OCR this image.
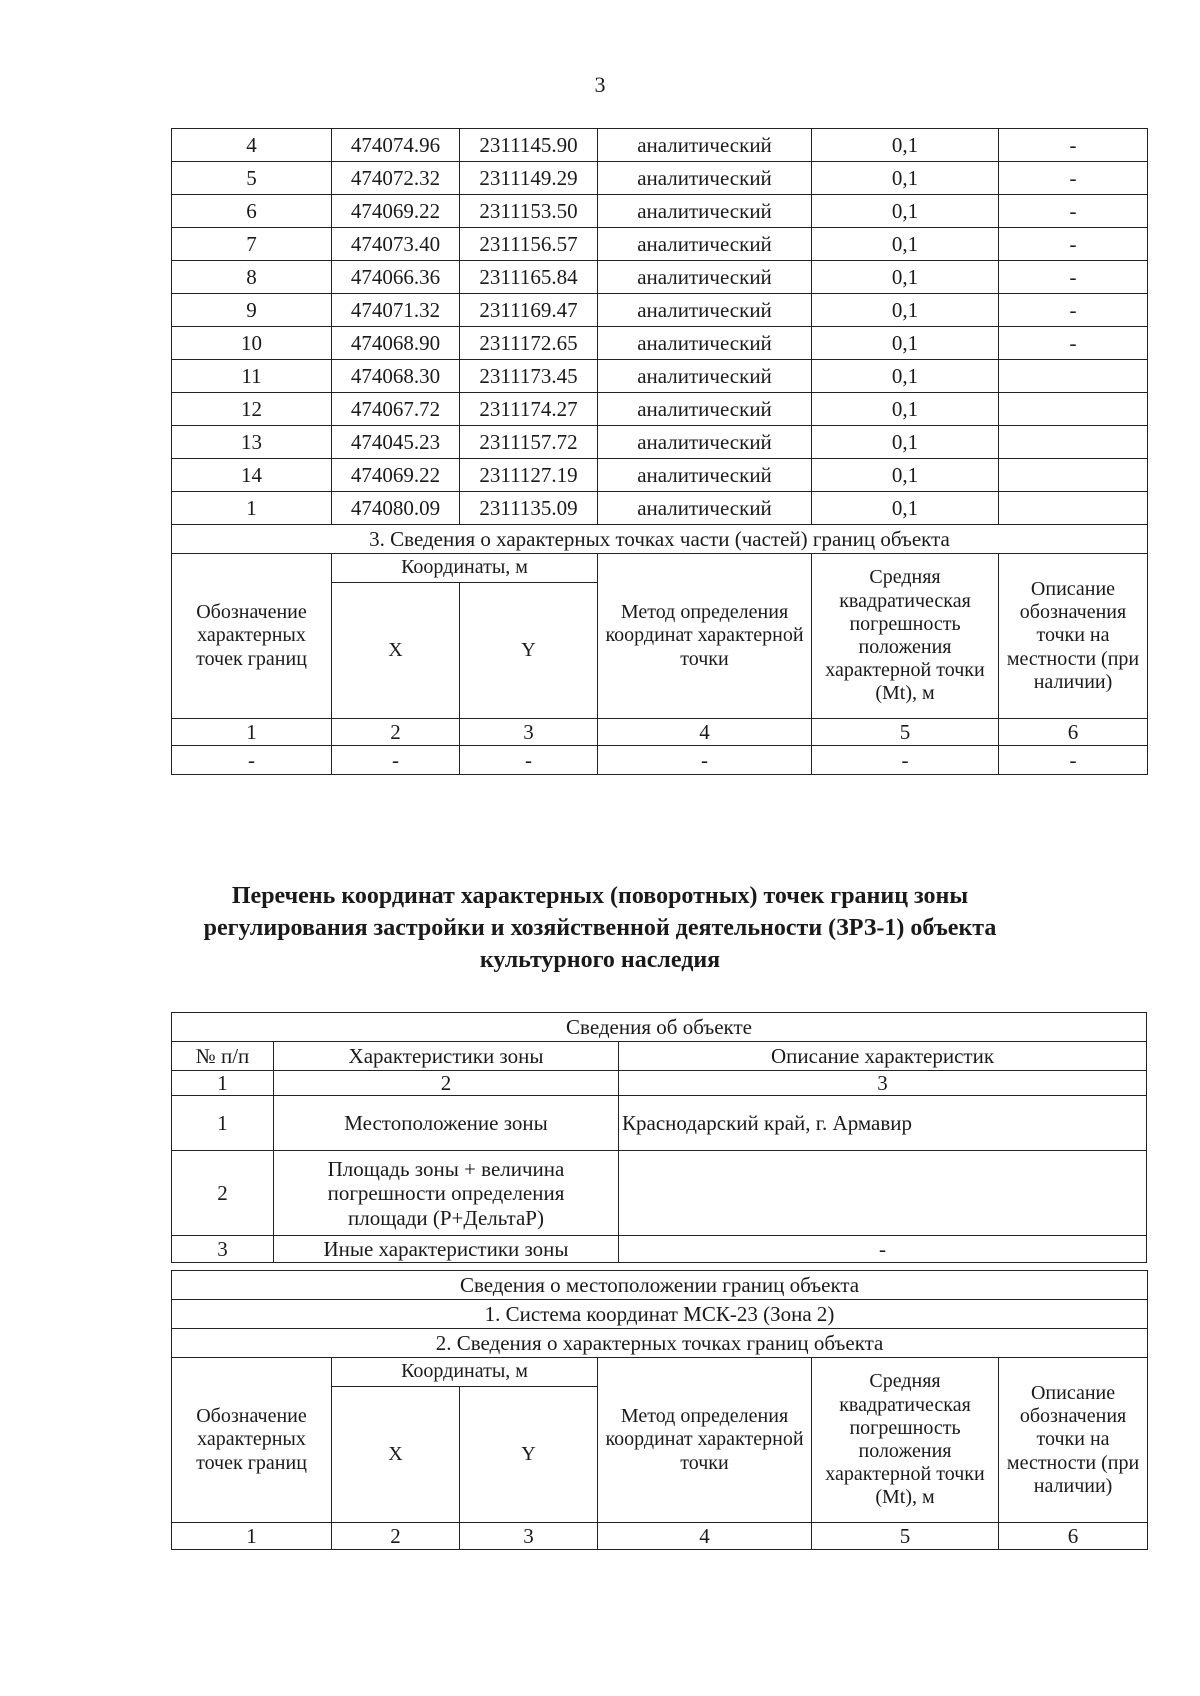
3
4	474074.96	2311145.90	аналитический	0,1	-
5	474072.32	2311149.29	аналитический	0,1	-
6	474069.22	2311153.50	аналитический	0,1	-
7	474073.40	2311156.57	аналитический	0,1	-
8	474066.36	2311165.84	аналитический	0,1	-
9	474071.32	2311169.47	аналитический	0,1	-
10	474068.90	2311172.65	аналитический	0,1	-
11	474068.30	2311173.45	аналитический	0,1	
12	474067.72	2311174.27	аналитический	0,1	
13	474045.23	2311157.72	аналитический	0,1	
14	474069.22	2311127.19	аналитический	0,1	
1	474080.09	2311135.09	аналитический	0,1	
3. Сведения о характерных точках части (частей) границ объекта					
Обозначение характерных точек границ	Координаты, м		Метод определения координат характерной точки	Средняя квадратическая погрешность положения характерной точки (Mt), м	Описание обозначения точки на местности (при наличии)
	X	Y			
1	2	3	4	5	6
-	-	-	-	-	-
Перечень координат характерных (поворотных) точек границ зоны
регулирования застройки и хозяйственной деятельности (ЗРЗ-1) объекта
культурного наследия
Сведения об объекте		
№ п/п	Характеристики зоны	Описание характеристик
1	2	3
1	Местоположение зоны	Краснодарский край, г. Армавир
2	Площадь зоны + величина погрешности определения площади (Р+ДельтаР)	
3	Иные характеристики зоны	-
Сведения о местоположении границ объекта					
1. Система координат МСК-23 (Зона 2)					
2. Сведения о характерных точках границ объекта					
Обозначение характерных точек границ	Координаты, м		Метод определения координат характерной точки	Средняя квадратическая погрешность положения характерной точки (Mt), м	Описание обозначения точки на местности (при наличии)
	X	Y			
1	2	3	4	5	6
